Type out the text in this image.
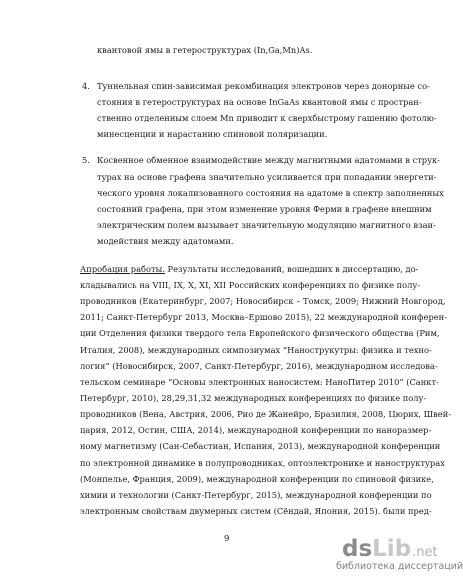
квантовой ямы в гетероструктурах (In,Ga,Mn)As.
4. Туннельная спин-зависимая рекомбинация электронов через донорные со-
стояния в гетероструктурах на основе InGaAs квантовой ямы с простран-
ственно отделенным слоем Mn приводит к сверхбыстрому гашению фотолю-
минесценции и нарастанию спиновой поляризации.
5. Косвенное обменное взаимодействие между магнитными адатомами в струк-
турах на основе графена значительно усиливается при попадании энергети-
ческого уровня локализованного состояния на адатоме в спектр заполненных
состояний графена, при этом изменение уровня Ферми в графене внешним
электрическим полем вызывает значительную модуляцию магнитного взаи-
модействия между адатомами.
Апробация работы. Результаты исследований, вошедших в диссертацию, до-
кладывались на VIII, IX, X, XI, XII Российских конференциях по физике полу-
проводников (Екатеринбург, 2007; Новосибирск – Томск, 2009; Нижний Новгород,
2011; Санкт-Петербург 2013, Москва–Ершово 2015), 22 международной конферен-
ции Отделения физики твердого тела Европейского физического общества (Рим,
Италия, 2008), международных симпозиумах “Нанострукутры: физика и техно-
логия” (Новосибирск, 2007, Санкт-Петербург, 2016), международном исследова-
тельском семинаре “Основы электронных наносистем: НаноПитер 2010” (Санкт-
Петербург, 2010), 28,29,31,32 международных конференциях по физике полу-
проводников (Вена, Австрия, 2006, Рио де Жанейро, Бразилия, 2008, Цюрих, Швей-
цария, 2012, Остин, США, 2014), международной конференции по наноразмер-
ному магнетизму (Сан-Себастиан, Испания, 2013), международной конференции
по электронной динамике в полупроводниках, оптоэлектронике и наноструктурах
(Монпелье, Франция, 2009), международной конференции по спиновой физике,
химии и технологии (Санкт-Петербург, 2015), международной конференции по
электронным свойствам двумерных систем (Сёндай, Япония, 2015). были пред-
9	ds Lib .net
библиотека диссертаций
